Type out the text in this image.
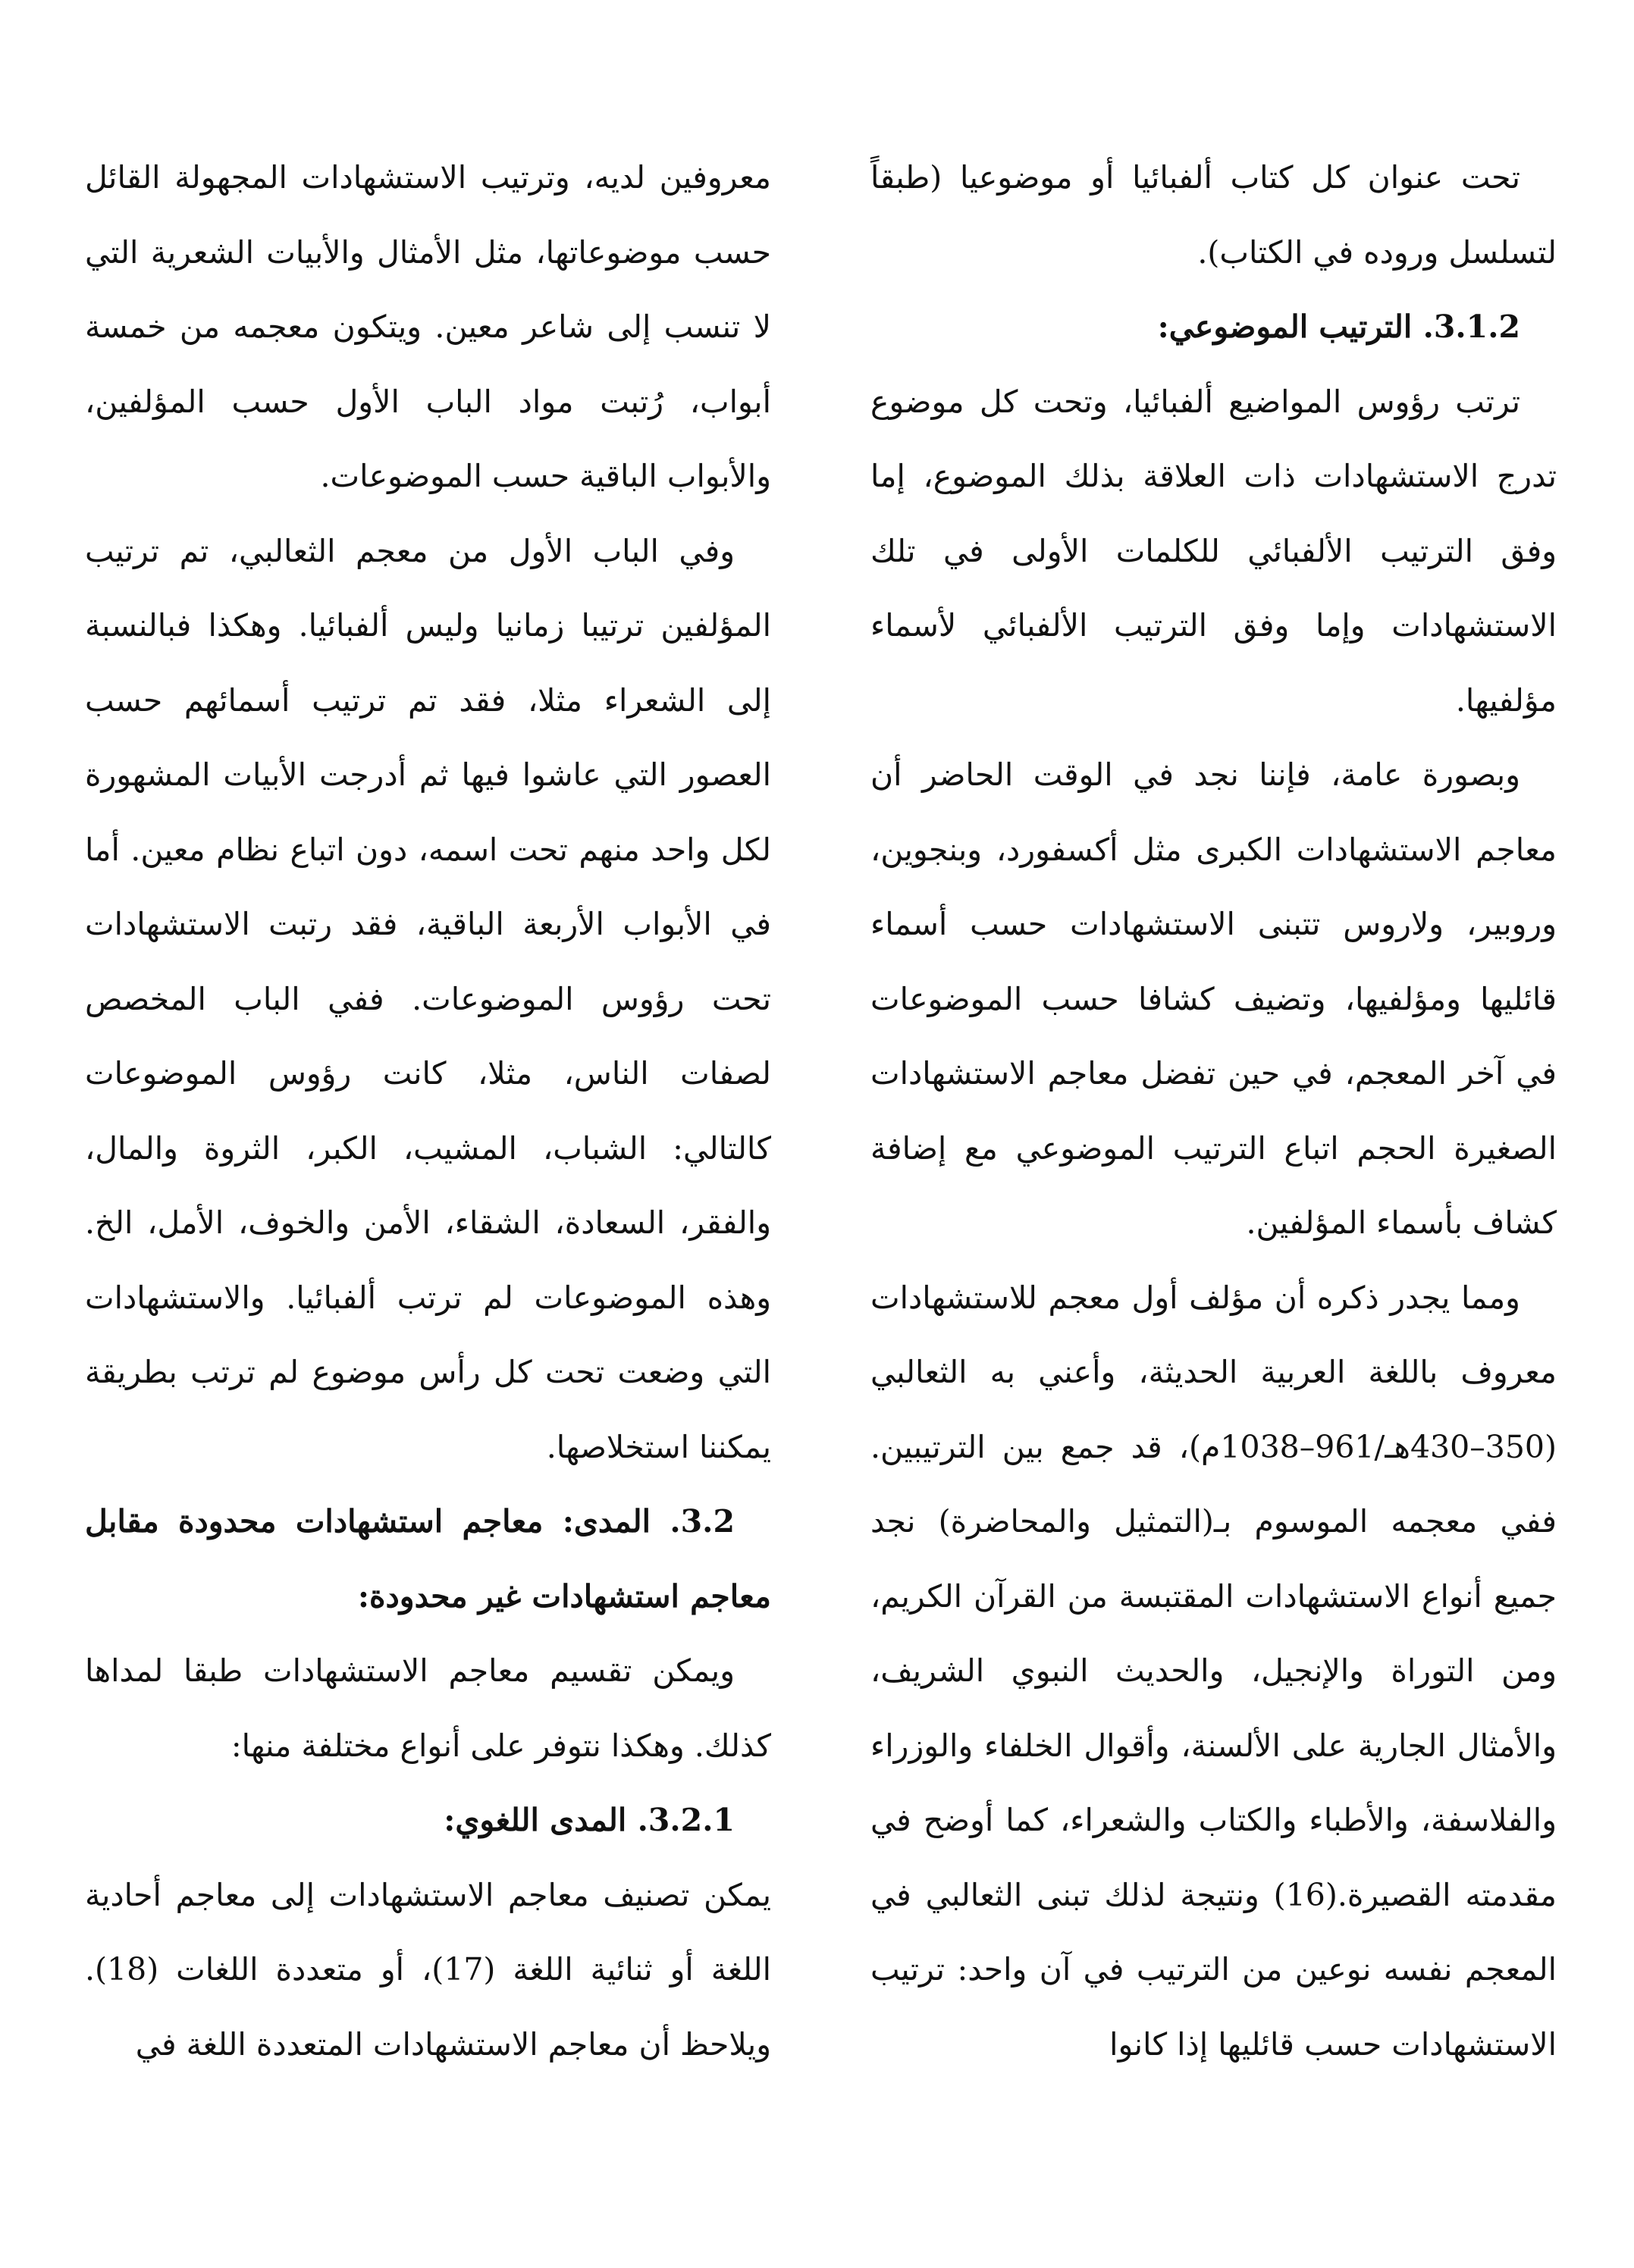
تحت عنوان كل كتاب ألفبائيا أو موضوعيا (طبقاً لتسلسل وروده في الكتاب).

3.1.2. الترتيب الموضوعي:

ترتب رؤوس المواضيع ألفبائيا، وتحت كل موضوع تدرج الاستشهادات ذات العلاقة بذلك الموضوع، إما وفق الترتيب الألفبائي للكلمات الأولى في تلك الاستشهادات وإما وفق الترتيب الألفبائي لأسماء مؤلفيها.

وبصورة عامة، فإننا نجد في الوقت الحاضر أن معاجم الاستشهادات الكبرى مثل أكسفورد، وبنجوين، وروبير، ولاروس تتبنى الاستشهادات حسب أسماء قائليها ومؤلفيها، وتضيف كشافا حسب الموضوعات في آخر المعجم، في حين تفضل معاجم الاستشهادات الصغيرة الحجم اتباع الترتيب الموضوعي مع إضافة كشاف بأسماء المؤلفين.

ومما يجدر ذكره أن مؤلف أول معجم للاستشهادات معروف باللغة العربية الحديثة، وأعني به الثعالبي (350–430هـ/961–1038م)، قد جمع بين الترتيبين. ففي معجمه الموسوم بـ(التمثيل والمحاضرة) نجد جميع أنواع الاستشهادات المقتبسة من القرآن الكريم، ومن التوراة والإنجيل، والحديث النبوي الشريف، والأمثال الجارية على الألسنة، وأقوال الخلفاء والوزراء والفلاسفة، والأطباء والكتاب والشعراء، كما أوضح في مقدمته القصيرة.(16) ونتيجة لذلك تبنى الثعالبي في المعجم نفسه نوعين من الترتيب في آن واحد: ترتيب الاستشهادات حسب قائليها إذا كانوا

معروفين لديه، وترتيب الاستشهادات المجهولة القائل حسب موضوعاتها، مثل الأمثال والأبيات الشعرية التي لا تنسب إلى شاعر معين. ويتكون معجمه من خمسة أبواب، رُتبت مواد الباب الأول حسب المؤلفين، والأبواب الباقية حسب الموضوعات.

وفي الباب الأول من معجم الثعالبي، تم ترتيب المؤلفين ترتيبا زمانيا وليس ألفبائيا. وهكذا فبالنسبة إلى الشعراء مثلا، فقد تم ترتيب أسمائهم حسب العصور التي عاشوا فيها ثم أدرجت الأبيات المشهورة لكل واحد منهم تحت اسمه، دون اتباع نظام معين. أما في الأبواب الأربعة الباقية، فقد رتبت الاستشهادات تحت رؤوس الموضوعات. ففي الباب المخصص لصفات الناس، مثلا، كانت رؤوس الموضوعات كالتالي: الشباب، المشيب، الكبر، الثروة والمال، والفقر، السعادة، الشقاء، الأمن والخوف، الأمل، الخ. وهذه الموضوعات لم ترتب ألفبائيا. والاستشهادات التي وضعت تحت كل رأس موضوع لم ترتب بطريقة يمكننا استخلاصها.

3.2. المدى: معاجم استشهادات محدودة مقابل معاجم استشهادات غير محدودة:

ويمكن تقسيم معاجم الاستشهادات طبقا لمداها كذلك. وهكذا نتوفر على أنواع مختلفة منها:

3.2.1. المدى اللغوي:

يمكن تصنيف معاجم الاستشهادات إلى معاجم أحادية اللغة أو ثنائية اللغة (17)، أو متعددة اللغات (18). ويلاحظ أن معاجم الاستشهادات المتعددة اللغة في
